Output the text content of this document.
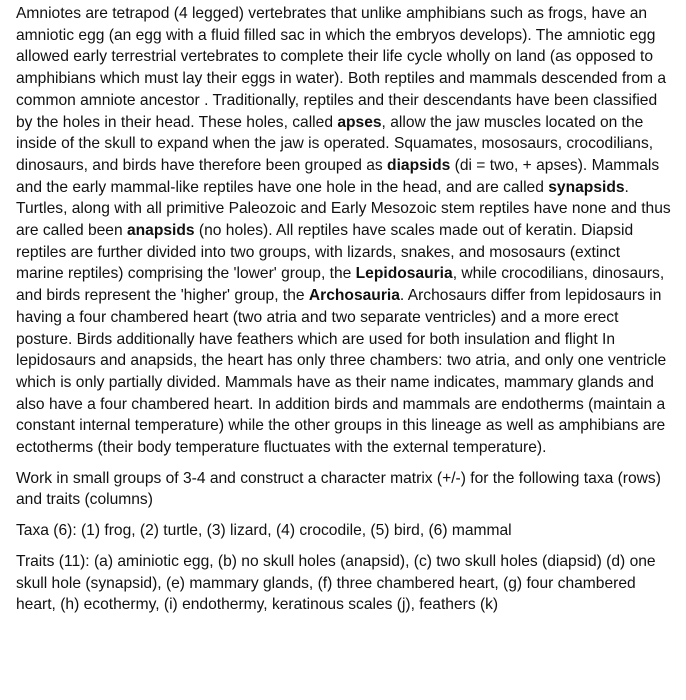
Amniotes are tetrapod (4 legged) vertebrates that unlike amphibians such as frogs, have an amniotic egg (an egg with a fluid filled sac in which the embryos develops). The amniotic egg allowed early terrestrial vertebrates to complete their life cycle wholly on land (as opposed to amphibians which must lay their eggs in water). Both reptiles and mammals descended from a common amniote ancestor . Traditionally, reptiles and their descendants have been classified by the holes in their head. These holes, called apses, allow the jaw muscles located on the inside of the skull to expand when the jaw is operated. Squamates, mososaurs, crocodilians, dinosaurs, and birds have therefore been grouped as diapsids (di = two, + apses). Mammals and the early mammal-like reptiles have one hole in the head, and are called synapsids. Turtles, along with all primitive Paleozoic and Early Mesozoic stem reptiles have none and thus are called been anapsids (no holes). All reptiles have scales made out of keratin. Diapsid reptiles are further divided into two groups, with lizards, snakes, and mososaurs (extinct marine reptiles) comprising the 'lower' group, the Lepidosauria, while crocodilians, dinosaurs, and birds represent the 'higher' group, the Archosauria. Archosaurs differ from lepidosaurs in having a four chambered heart (two atria and two separate ventricles) and a more erect posture. Birds additionally have feathers which are used for both insulation and flight In lepidosaurs and anapsids, the heart has only three chambers: two atria, and only one ventricle which is only partially divided. Mammals have as their name indicates, mammary glands and also have a four chambered heart. In addition birds and mammals are endotherms (maintain a constant internal temperature) while the other groups in this lineage as well as amphibians are ectotherms (their body temperature fluctuates with the external temperature).

Work in small groups of 3-4 and construct a character matrix (+/-) for the following taxa (rows) and traits (columns)

Taxa (6): (1) frog, (2) turtle, (3) lizard, (4) crocodile, (5) bird, (6) mammal

Traits (11): (a) aminiotic egg, (b) no skull holes (anapsid), (c) two skull holes (diapsid) (d) one skull hole (synapsid), (e) mammary glands, (f) three chambered heart, (g) four chambered heart, (h) ecothermy, (i) endothermy, keratinous scales (j), feathers (k)
